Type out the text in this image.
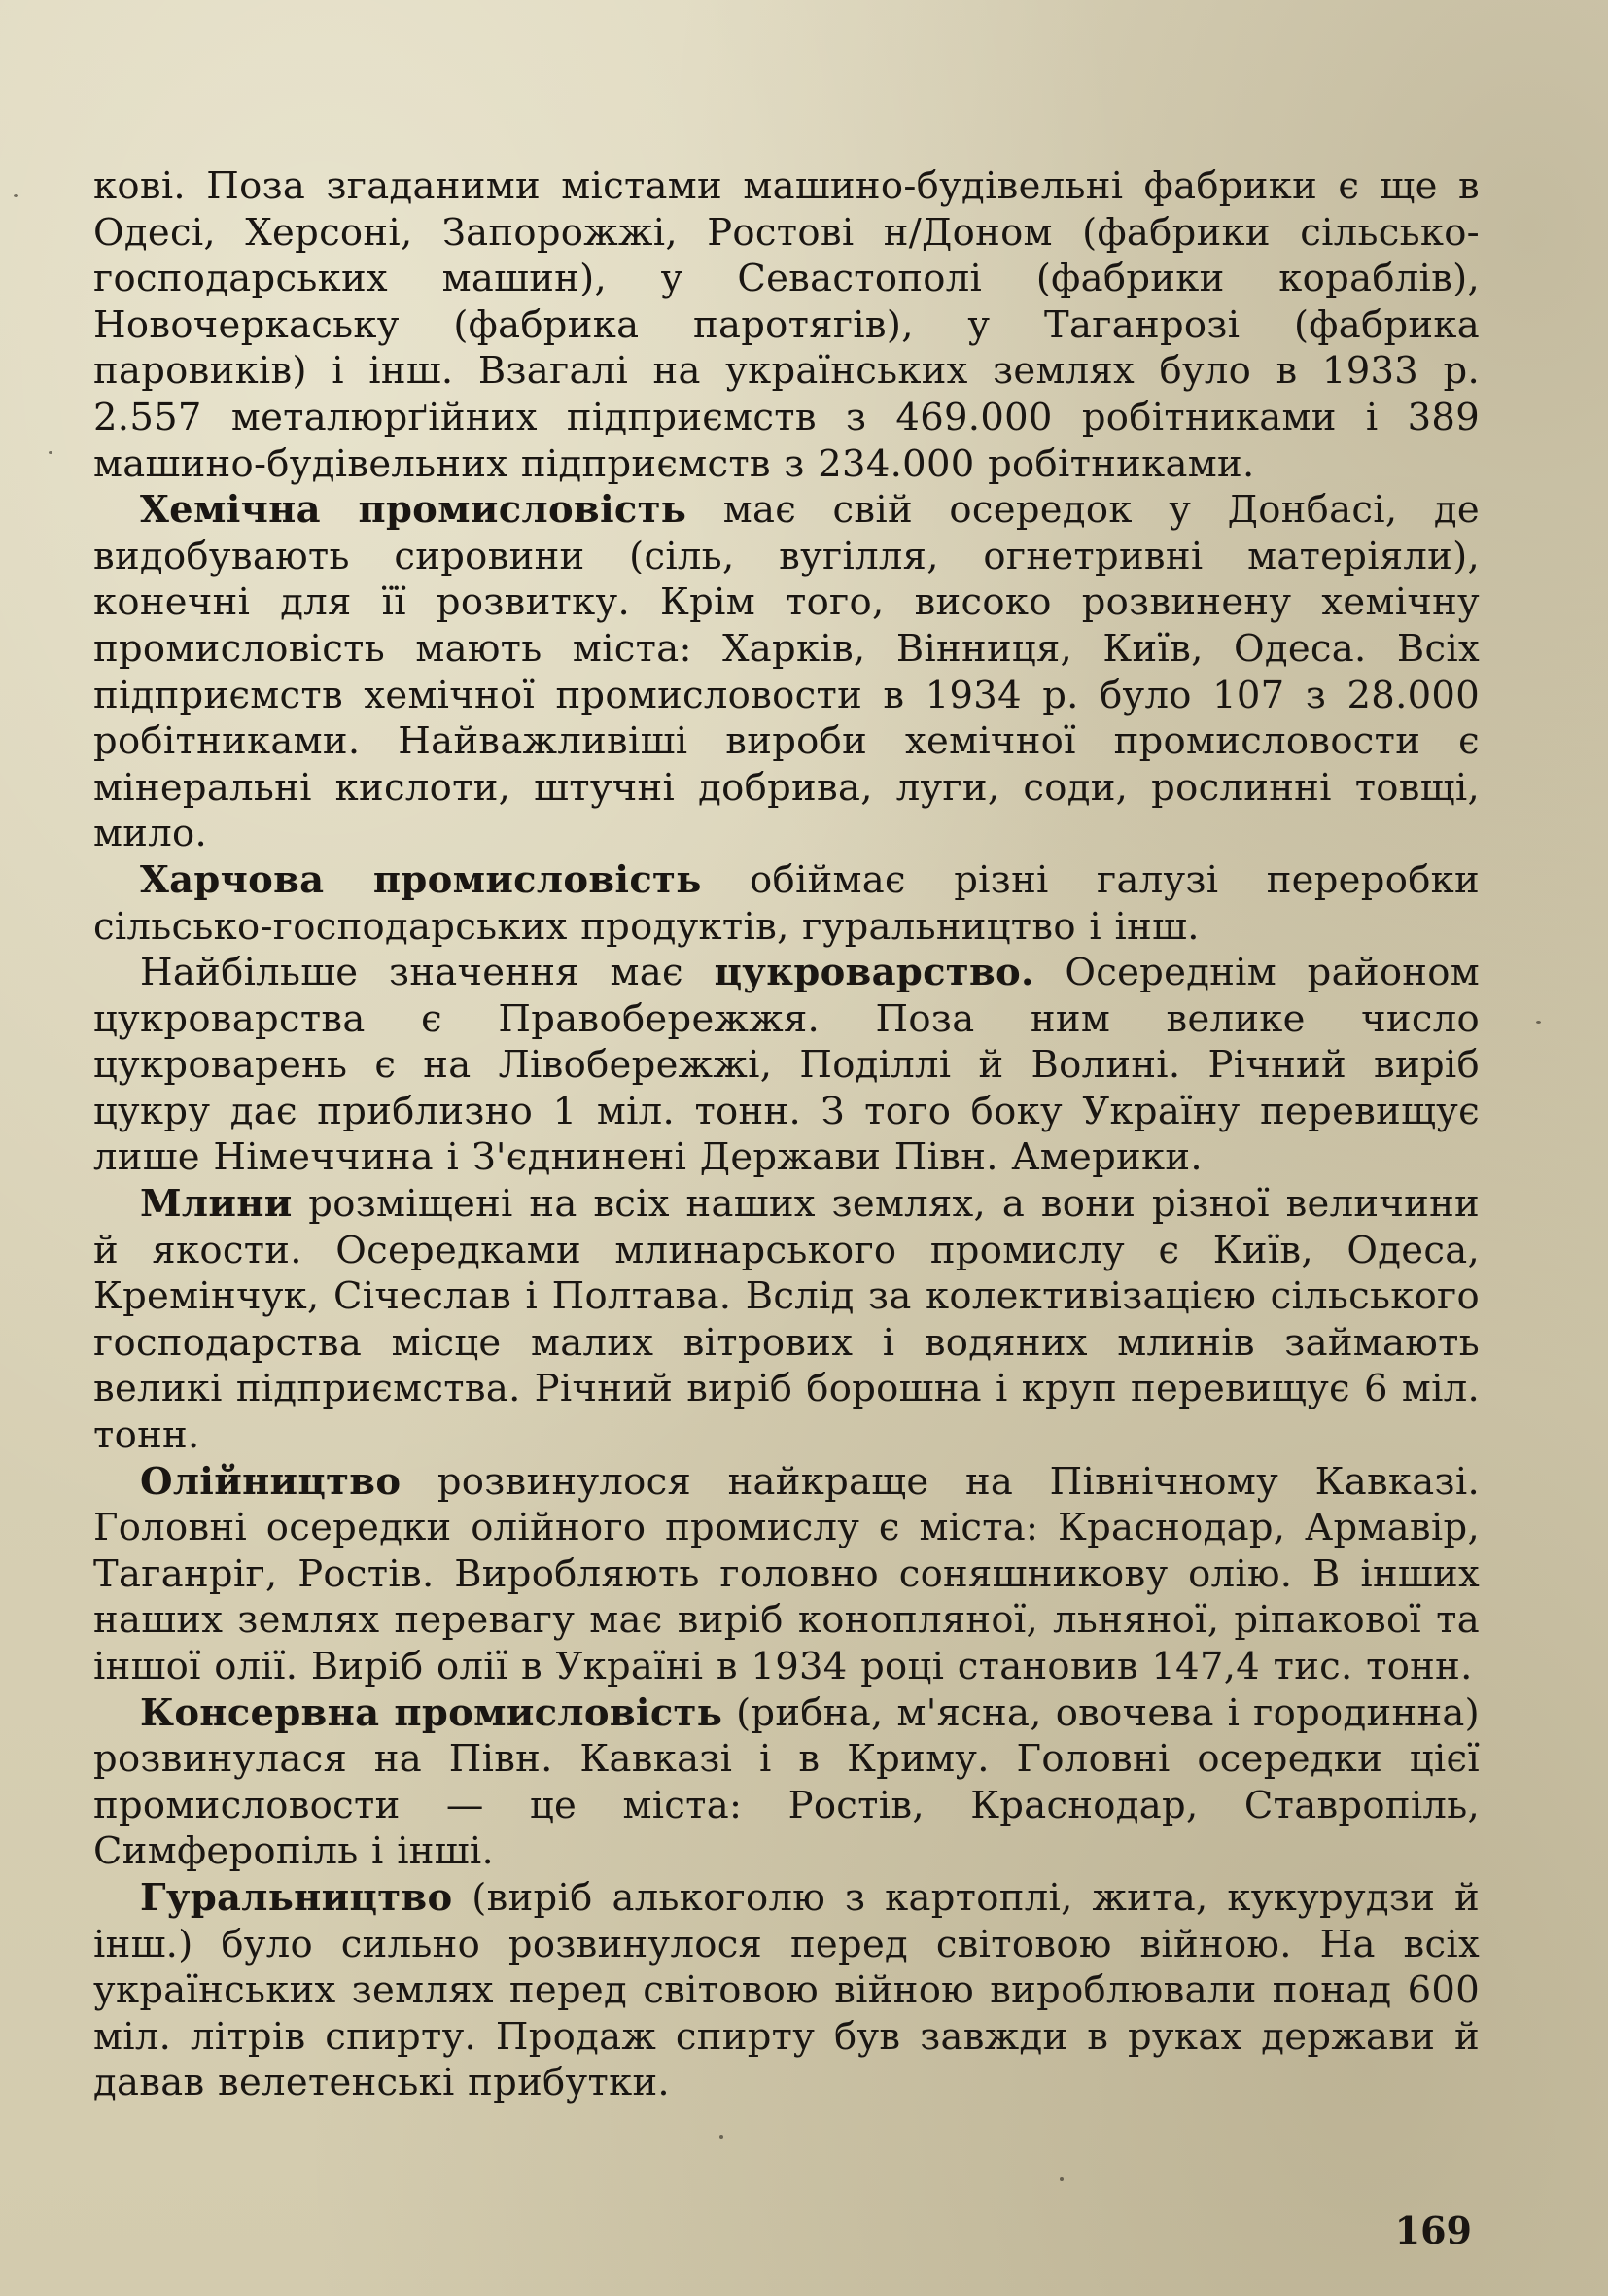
кові. Поза згаданими містами машино-будівельні фабрики є ще в Одесі, Херсоні, Запорожжі, Ростові н/Доном (фабрики сільсько-господарських машин), у Севастополі (фабрики кораблів), Новочеркаську (фабрика паротягів), у Таганрозі (фабрика паровиків) і інш. Взагалі на українських землях було в 1933 р. 2.557 металюрґійних підприємств з 469.000 робітниками і 389 машино-будівельних підприємств з 234.000 робітниками.

Хемічна промисловість має свій осередок у Донбасі, де видобувають сировини (сіль, вугілля, огнетривні матеріяли), конечні для її розвитку. Крім того, високо розвинену хемічну промисловість мають міста: Харків, Вінниця, Київ, Одеса. Всіх підприємств хемічної промисловости в 1934 р. було 107 з 28.000 робітниками. Найважливіші вироби хемічної промисловости є мінеральні кислоти, штучні добрива, луги, соди, рослинні товщі, мило.

Харчова промисловість обіймає різні галузі переробки сільсько-господарських продуктів, гуральництво і інш.

Найбільше значення має цукроварство. Осереднім районом цукроварства є Правобережжя. Поза ним велике число цукроварень є на Лівобережжі, Поділлі й Волині. Річний виріб цукру дає приблизно 1 міл. тонн. З того боку Україну перевищує лише Німеччина і З'єднинені Держави Півн. Америки.

Млини розміщені на всіх наших землях, а вони різної величини й якости. Осередками млинарського промислу є Київ, Одеса, Кремінчук, Січеслав і Полтава. Вслід за колективізацією сільського господарства місце малих вітрових і водяних млинів займають великі підприємства. Річний виріб борошна і круп перевищує 6 міл. тонн.

Олійництво розвинулося найкраще на Північному Кавказі. Головні осередки олійного промислу є міста: Краснодар, Армавір, Таганріг, Ростів. Виробляють головно соняшникову олію. В інших наших землях перевагу має виріб конопляної, льняної, ріпакової та іншої олії. Виріб олії в Україні в 1934 році становив 147,4 тис. тонн.

Консервна промисловість (рибна, м'ясна, овочева і городинна) розвинулася на Півн. Кавказі і в Криму. Головні осередки цієї промисловости — це міста: Ростів, Краснодар, Ставропіль, Симферопіль і інші.

Гуральництво (виріб алькоголю з картоплі, жита, кукурудзи й інш.) було сильно розвинулося перед світовою війною. На всіх українських землях перед світовою війною виробл​ювали понад 600 міл. літрів спирту. Продаж спирту був завжди в руках держави й давав велетенські прибутки.

169
